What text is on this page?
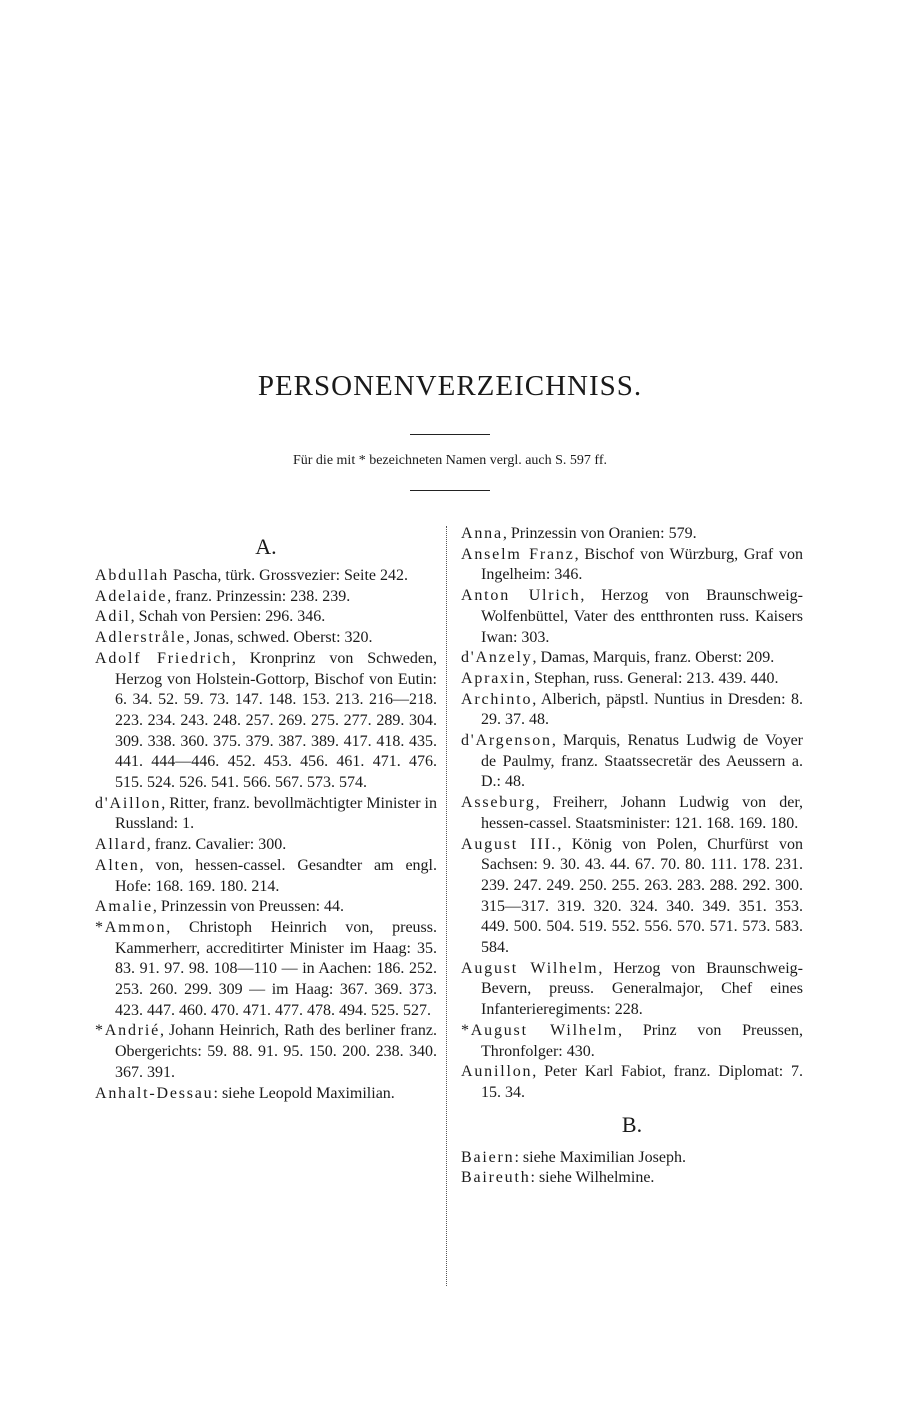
PERSONENVERZEICHNISS.
Für die mit * bezeichneten Namen vergl. auch S. 597 ff.
A.

Abdullah Pascha, türk. Grossvezier: Seite 242.

Adelaide, franz. Prinzessin: 238. 239.

Adil, Schah von Persien: 296. 346.

Adlerstråle, Jonas, schwed. Oberst: 320.

Adolf Friedrich, Kronprinz von Schweden, Herzog von Holstein-Gottorp, Bischof von Eutin: 6. 34. 52. 59. 73. 147. 148. 153. 213. 216—218. 223. 234. 243. 248. 257. 269. 275. 277. 289. 304. 309. 338. 360. 375. 379. 387. 389. 417. 418. 435. 441. 444—446. 452. 453. 456. 461. 471. 476. 515. 524. 526. 541. 566. 567. 573. 574.

d'Aillon, Ritter, franz. bevollmächtigter Minister in Russland: 1.

Allard, franz. Cavalier: 300.

Alten, von, hessen-cassel. Gesandter am engl. Hofe: 168. 169. 180. 214.

Amalie, Prinzessin von Preussen: 44.

*Ammon, Christoph Heinrich von, preuss. Kammerherr, accreditirter Minister im Haag: 35. 83. 91. 97. 98. 108—110 — in Aachen: 186. 252. 253. 260. 299. 309 — im Haag: 367. 369. 373. 423. 447. 460. 470. 471. 477. 478. 494. 525. 527.

*Andrié, Johann Heinrich, Rath des berliner franz. Obergerichts: 59. 88. 91. 95. 150. 200. 238. 340. 367. 391.

Anhalt-Dessau: siehe Leopold Maximilian.

Anna, Prinzessin von Oranien: 579.

Anselm Franz, Bischof von Würzburg, Graf von Ingelheim: 346.

Anton Ulrich, Herzog von Braunschweig-Wolfenbüttel, Vater des entthronten russ. Kaisers Iwan: 303.

d'Anzely, Damas, Marquis, franz. Oberst: 209.

Apraxin, Stephan, russ. General: 213. 439. 440.

Archinto, Alberich, päpstl. Nuntius in Dresden: 8. 29. 37. 48.

d'Argenson, Marquis, Renatus Ludwig de Voyer de Paulmy, franz. Staatssecretär des Aeussern a. D.: 48.

Asseburg, Freiherr, Johann Ludwig von der, hessen-cassel. Staatsminister: 121. 168. 169. 180.

August III., König von Polen, Churfürst von Sachsen: 9. 30. 43. 44. 67. 70. 80. 111. 178. 231. 239. 247. 249. 250. 255. 263. 283. 288. 292. 300. 315—317. 319. 320. 324. 340. 349. 351. 353. 449. 500. 504. 519. 552. 556. 570. 571. 573. 583. 584.

August Wilhelm, Herzog von Braunschweig-Bevern, preuss. Generalmajor, Chef eines Infanterieregiments: 228.

*August Wilhelm, Prinz von Preussen, Thronfolger: 430.

Aunillon, Peter Karl Fabiot, franz. Diplomat: 7. 15. 34.

B.

Baiern: siehe Maximilian Joseph.

Baireuth: siehe Wilhelmine.
